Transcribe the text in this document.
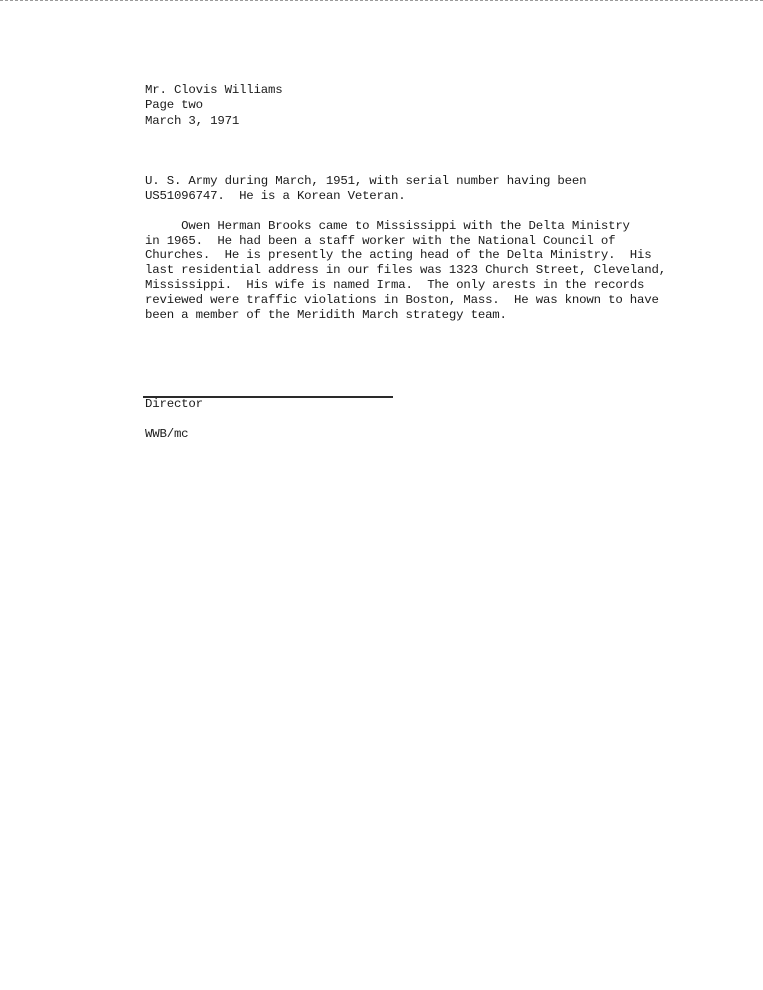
Mr. Clovis Williams
Page two
March 3, 1971
U. S. Army during March, 1951, with serial number having been
US51096747.  He is a Korean Veteran.
Owen Herman Brooks came to Mississippi with the Delta Ministry
in 1965.  He had been a staff worker with the National Council of
Churches.  He is presently the acting head of the Delta Ministry.  His
last residential address in our files was 1323 Church Street, Cleveland,
Mississippi.  His wife is named Irma.  The only arests in the records
reviewed were traffic violations in Boston, Mass.  He was known to have
been a member of the Meridith March strategy team.
Director
WWB/mc
